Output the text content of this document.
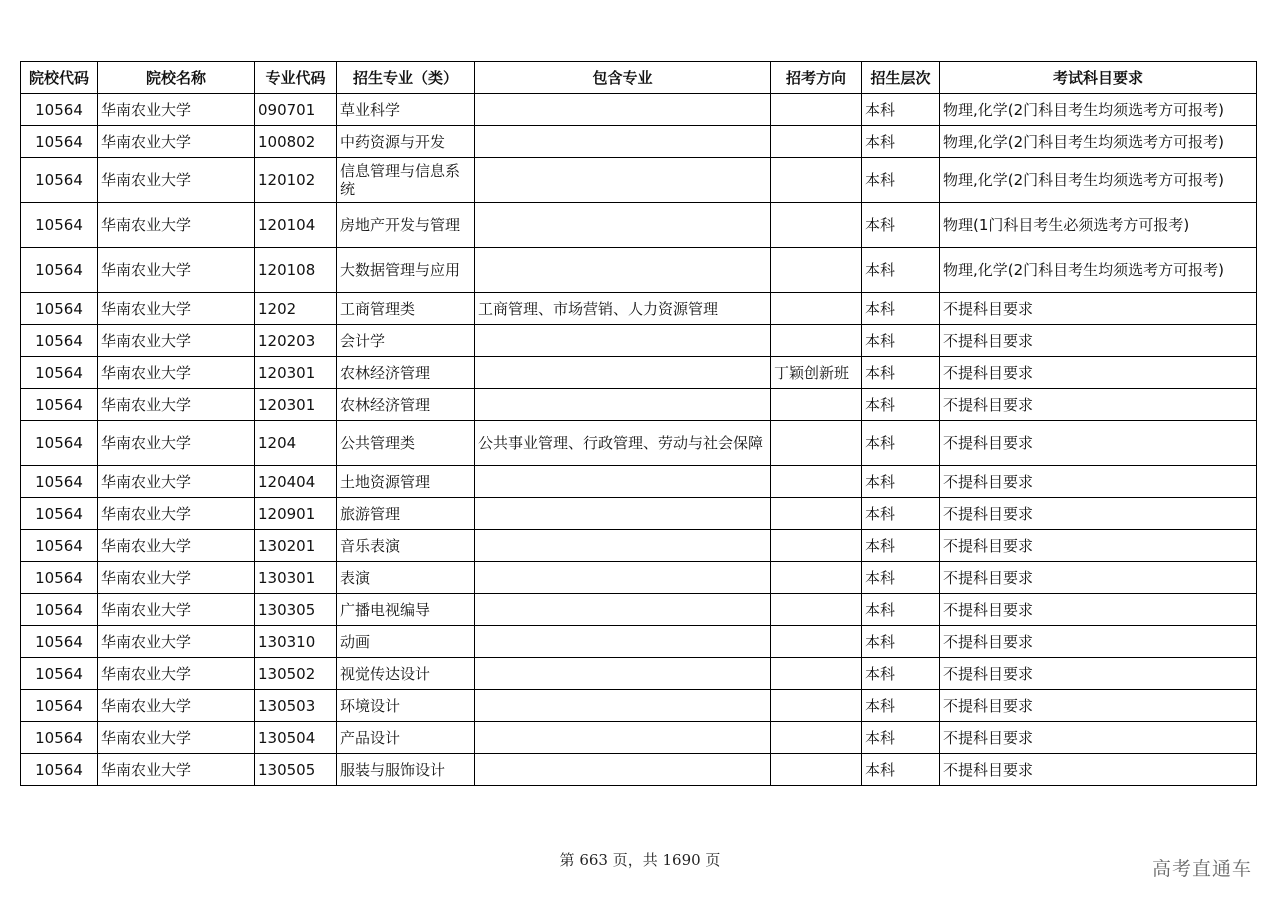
院校代码	院校名称	专业代码	招生专业（类）	包含专业	招考方向	招生层次	考试科目要求
10564	华南农业大学	090701	草业科学			本科	物理,化学(2门科目考生均须选考方可报考)
10564	华南农业大学	100802	中药资源与开发			本科	物理,化学(2门科目考生均须选考方可报考)
10564	华南农业大学	120102	信息管理与信息系统			本科	物理,化学(2门科目考生均须选考方可报考)
10564	华南农业大学	120104	房地产开发与管理			本科	物理(1门科目考生必须选考方可报考)
10564	华南农业大学	120108	大数据管理与应用			本科	物理,化学(2门科目考生均须选考方可报考)
10564	华南农业大学	1202	工商管理类	工商管理、市场营销、人力资源管理		本科	不提科目要求
10564	华南农业大学	120203	会计学			本科	不提科目要求
10564	华南农业大学	120301	农林经济管理		丁颖创新班	本科	不提科目要求
10564	华南农业大学	120301	农林经济管理			本科	不提科目要求
10564	华南农业大学	1204	公共管理类	公共事业管理、行政管理、劳动与社会保障		本科	不提科目要求
10564	华南农业大学	120404	土地资源管理			本科	不提科目要求
10564	华南农业大学	120901	旅游管理			本科	不提科目要求
10564	华南农业大学	130201	音乐表演			本科	不提科目要求
10564	华南农业大学	130301	表演			本科	不提科目要求
10564	华南农业大学	130305	广播电视编导			本科	不提科目要求
10564	华南农业大学	130310	动画			本科	不提科目要求
10564	华南农业大学	130502	视觉传达设计			本科	不提科目要求
10564	华南农业大学	130503	环境设计			本科	不提科目要求
10564	华南农业大学	130504	产品设计			本科	不提科目要求
10564	华南农业大学	130505	服装与服饰设计			本科	不提科目要求
第 663 页，共 1690 页	高考直通车
